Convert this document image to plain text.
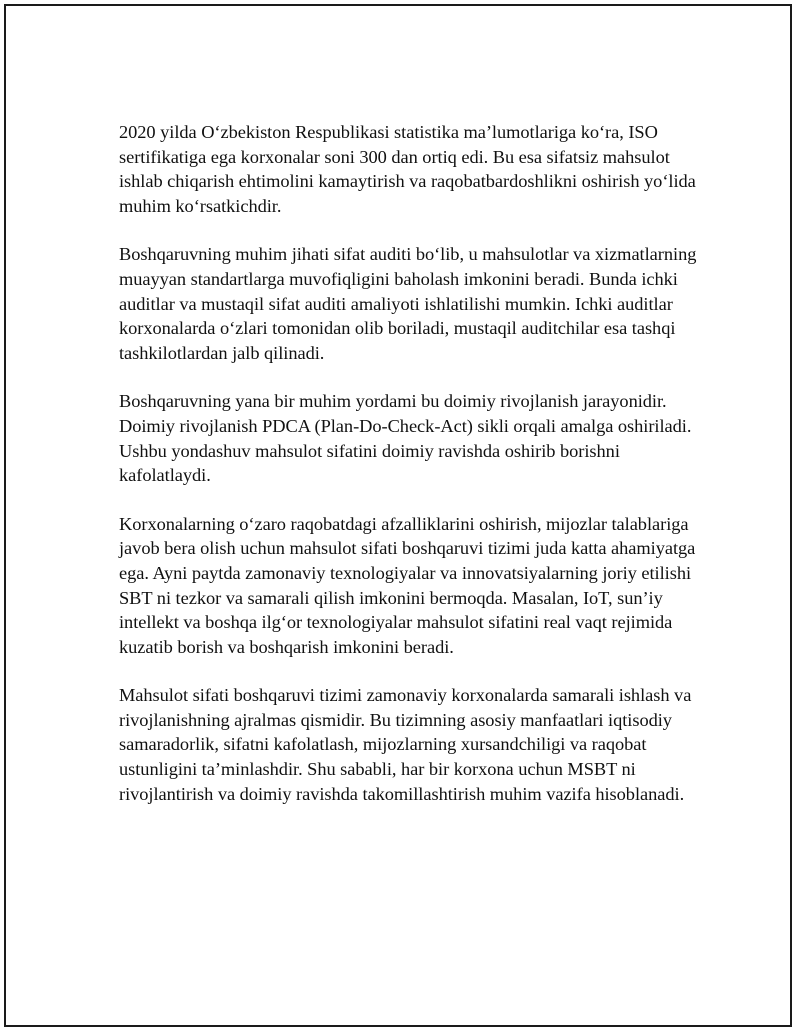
2020 yilda O‘zbekiston Respublikasi statistika ma’lumotlariga ko‘ra, ISO sertifikatiga ega korxonalar soni 300 dan ortiq edi. Bu esa sifatsiz mahsulot ishlab chiqarish ehtimolini kamaytirish va raqobatbardoshlikni oshirish yo‘lida muhim ko‘rsatkichdir.

Boshqaruvning muhim jihati sifat auditi bo‘lib, u mahsulotlar va xizmatlarning muayyan standartlarga muvofiqligini baholash imkonini beradi. Bunda ichki auditlar va mustaqil sifat auditi amaliyoti ishlatilishi mumkin. Ichki auditlar korxonalarda o‘zlari tomonidan olib boriladi, mustaqil auditchilar esa tashqi tashkilotlardan jalb qilinadi.

Boshqaruvning yana bir muhim yordami bu doimiy rivojlanish jarayonidir. Doimiy rivojlanish PDCA (Plan-Do-Check-Act) sikli orqali amalga oshiriladi. Ushbu yondashuv mahsulot sifatini doimiy ravishda oshirib borishni kafolatlaydi.

Korxonalarning o‘zaro raqobatdagi afzalliklarini oshirish, mijozlar talablariga javob bera olish uchun mahsulot sifati boshqaruvi tizimi juda katta ahamiyatga ega. Ayni paytda zamonaviy texnologiyalar va innovatsiyalarning joriy etilishi SBT ni tezkor va samarali qilish imkonini bermoqda. Masalan, IoT, sun’iy intellekt va boshqa ilg‘or texnologiyalar mahsulot sifatini real vaqt rejimida kuzatib borish va boshqarish imkonini beradi.

Mahsulot sifati boshqaruvi tizimi zamonaviy korxonalarda samarali ishlash va rivojlanishning ajralmas qismidir. Bu tizimning asosiy manfaatlari iqtisodiy samaradorlik, sifatni kafolatlash, mijozlarning xursandchiligi va raqobat ustunligini ta’minlashdir. Shu sababli, har bir korxona uchun MSBT ni rivojlantirish va doimiy ravishda takomillashtirish muhim vazifa hisoblanadi.
